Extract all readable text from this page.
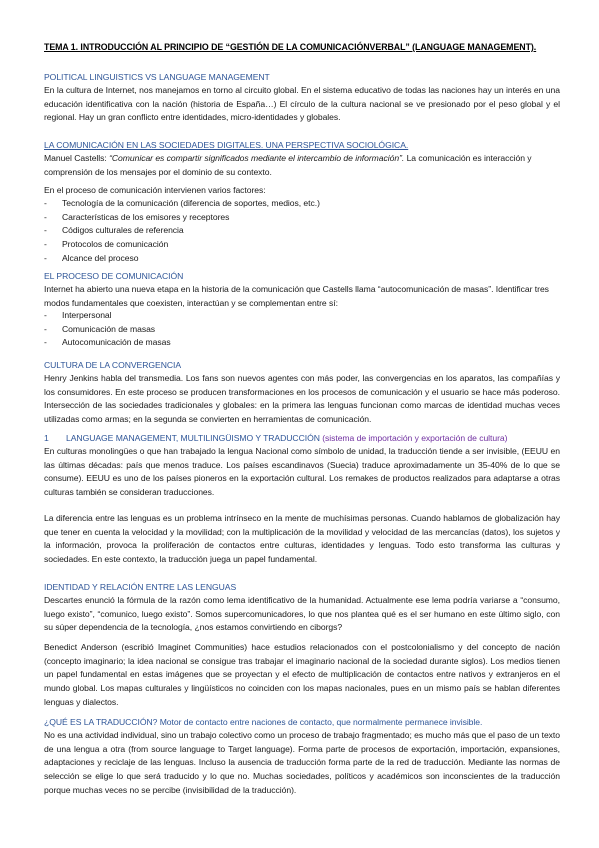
TEMA 1. INTRODUCCIÓN AL PRINCIPIO DE “GESTIÓN DE LA COMUNICACIÓNVERBAL” (LANGUAGE MANAGEMENT).
POLITICAL LINGUISTICS VS LANGUAGE MANAGEMENT
En la cultura de Internet, nos manejamos en torno al circuito global. En el sistema educativo de todas las naciones hay un interés en una educación identificativa con la nación (historia de España…) El círculo de la cultura nacional se ve presionado por el peso global y el regional. Hay un gran conflicto entre identidades, micro-identidades y globales.
LA COMUNICACIÓN EN LAS SOCIEDADES DIGITALES. UNA PERSPECTIVA SOCIOLÓGICA.
Manuel Castells: “Comunicar es compartir significados mediante el intercambio de información”. La comunicación es interacción y comprensión de los mensajes por el dominio de su contexto.
En el proceso de comunicación intervienen varios factores:
- Tecnología de la comunicación (diferencia de soportes, medios, etc.)
- Características de los emisores y receptores
- Códigos culturales de referencia
- Protocolos de comunicación
- Alcance del proceso
EL PROCESO DE COMUNICACIÓN
Internet ha abierto una nueva etapa en la historia de la comunicación que Castells llama “autocomunicación de masas”. Identificar tres modos fundamentales que coexisten, interactúan y se complementan entre sí:
- Interpersonal
- Comunicación de masas
- Autocomunicación de masas
CULTURA DE LA CONVERGENCIA
Henry Jenkins habla del transmedia. Los fans son nuevos agentes con más poder, las convergencias en los aparatos, las compañías y los consumidores. En este proceso se producen transformaciones en los procesos de comunicación y el usuario se hace más poderoso. Intersección de las sociedades tradicionales y globales: en la primera las lenguas funcionan como marcas de identidad muchas veces utilizadas como armas; en la segunda se convierten en herramientas de comunicación.
1 LANGUAGE MANAGEMENT, MULTILINGÜISMO Y TRADUCCIÓN (sistema de importación y exportación de cultura)
En culturas monolingües o que han trabajado la lengua Nacional como símbolo de unidad, la traducción tiende a ser invisible, (EEUU en las últimas décadas: país que menos traduce. Los países escandinavos (Suecia) traduce aproximadamente un 35-40% de lo que se consume). EEUU es uno de los países pioneros en la exportación cultural. Los remakes de productos realizados para adaptarse a otras culturas también se consideran traducciones.
La diferencia entre las lenguas es un problema intrínseco en la mente de muchísimas personas. Cuando hablamos de globalización hay que tener en cuenta la velocidad y la movilidad; con la multiplicación de la movilidad y velocidad de las mercancías (datos), los sujetos y la información, provoca la proliferación de contactos entre culturas, identidades y lenguas. Todo esto transforma las culturas y sociedades. En este contexto, la traducción juega un papel fundamental.
IDENTIDAD Y RELACIÓN ENTRE LAS LENGUAS
Descartes enunció la fórmula de la razón como lema identificativo de la humanidad. Actualmente ese lema podría variarse a “consumo, luego existo”, “comunico, luego existo”. Somos supercomunicadores, lo que nos plantea qué es el ser humano en este último siglo, con su súper dependencia de la tecnología, ¿nos estamos convirtiendo en ciborgs?
Benedict Anderson (escribió Imaginet Communities) hace estudios relacionados con el postcolonialismo y del concepto de nación (concepto imaginario; la idea nacional se consigue tras trabajar el imaginario nacional de la sociedad durante siglos). Los medios tienen un papel fundamental en estas imágenes que se proyectan y el efecto de multiplicación de contactos entre nativos y extranjeros en el mundo global. Los mapas culturales y lingüísticos no coinciden con los mapas nacionales, pues en un mismo país se hablan diferentes lenguas y dialectos.
¿QUÉ ES LA TRADUCCIÓN? Motor de contacto entre naciones de contacto, que normalmente permanece invisible.
No es una actividad individual, sino un trabajo colectivo como un proceso de trabajo fragmentado; es mucho más que el paso de un texto de una lengua a otra (from source language to Target language). Forma parte de procesos de exportación, importación, expansiones, adaptaciones y reciclaje de las lenguas. Incluso la ausencia de traducción forma parte de la red de traducción. Mediante las normas de selección se elige lo que será traducido y lo que no. Muchas sociedades, políticos y académicos son inconscientes de la traducción porque muchas veces no se percibe (invisibilidad de la traducción).
